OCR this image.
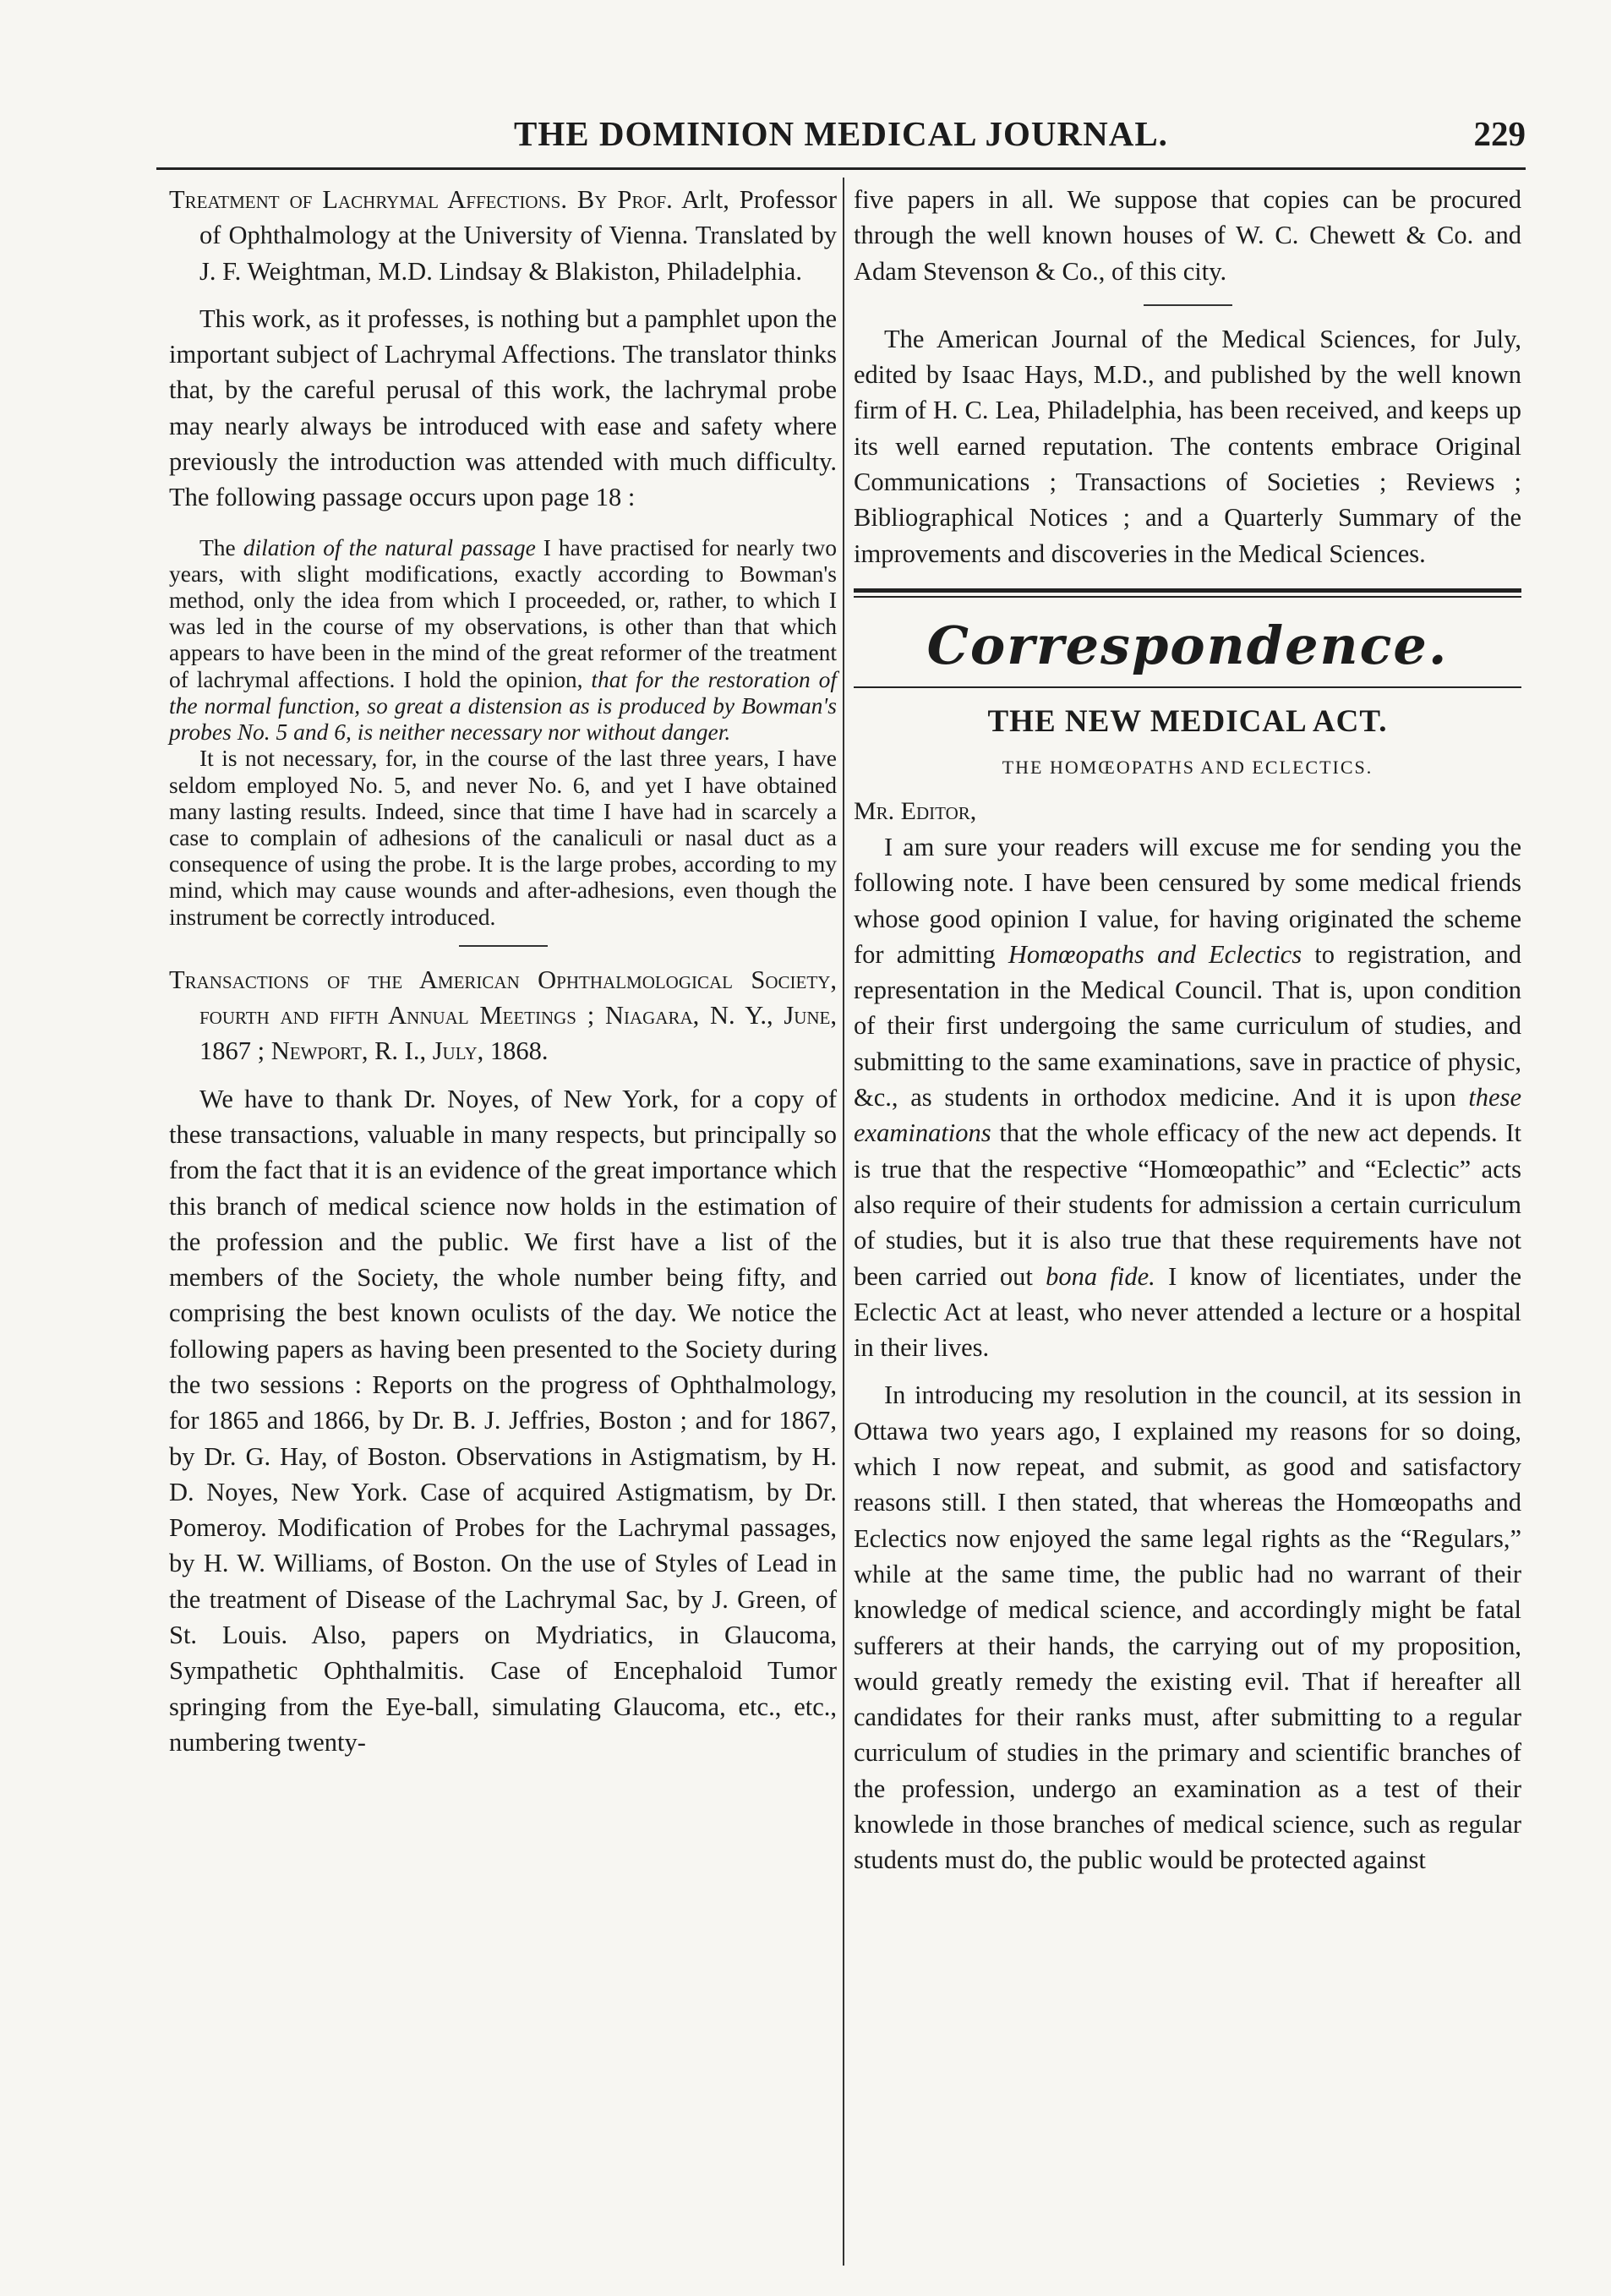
THE DOMINION MEDICAL JOURNAL.	229

Treatment of Lachrymal Affections. By Prof. Arlt, Professor of Ophthalmology at the University of Vienna. Translated by J. F. Weightman, M.D. Lindsay & Blakiston, Philadelphia.

This work, as it professes, is nothing but a pamphlet upon the important subject of Lachrymal Affections. The translator thinks that, by the careful perusal of this work, the lachrymal probe may nearly always be introduced with ease and safety where previously the introduction was attended with much difficulty. The following passage occurs upon page 18 :

The dilation of the natural passage I have practised for nearly two years, with slight modifications, exactly according to Bowman's method, only the idea from which I proceeded, or, rather, to which I was led in the course of my observations, is other than that which appears to have been in the mind of the great reformer of the treatment of lachrymal affections. I hold the opinion, that for the restoration of the normal function, so great a distension as is produced by Bowman's probes No. 5 and 6, is neither necessary nor without danger.

It is not necessary, for, in the course of the last three years, I have seldom employed No. 5, and never No. 6, and yet I have obtained many lasting results. Indeed, since that time I have had in scarcely a case to complain of adhesions of the canaliculi or nasal duct as a consequence of using the probe. It is the large probes, according to my mind, which may cause wounds and after-adhesions, even though the instrument be correctly introduced.

Transactions of the American Ophthalmological Society, fourth and fifth Annual Meetings ; Niagara, N. Y., June, 1867 ; Newport, R. I., July, 1868.

We have to thank Dr. Noyes, of New York, for a copy of these transactions, valuable in many respects, but principally so from the fact that it is an evidence of the great importance which this branch of medical science now holds in the estimation of the profession and the public. We first have a list of the members of the Society, the whole number being fifty, and comprising the best known oculists of the day. We notice the following papers as having been presented to the Society during the two sessions : Reports on the progress of Ophthalmology, for 1865 and 1866, by Dr. B. J. Jeffries, Boston ; and for 1867, by Dr. G. Hay, of Boston. Observations in Astigmatism, by H. D. Noyes, New York. Case of acquired Astigmatism, by Dr. Pomeroy. Modification of Probes for the Lachrymal passages, by H. W. Williams, of Boston. On the use of Styles of Lead in the treatment of Disease of the Lachrymal Sac, by J. Green, of St. Louis. Also, papers on Mydriatics, in Glaucoma, Sympathetic Ophthalmitis. Case of Encephaloid Tumor springing from the Eye-ball, simulating Glaucoma, etc., etc., numbering twenty-

five papers in all. We suppose that copies can be procured through the well known houses of W. C. Chewett & Co. and Adam Stevenson & Co., of this city.

The American Journal of the Medical Sciences, for July, edited by Isaac Hays, M.D., and published by the well known firm of H. C. Lea, Philadelphia, has been received, and keeps up its well earned reputation. The contents embrace Original Communications ; Transactions of Societies ; Reviews ; Bibliographical Notices ; and a Quarterly Summary of the improvements and discoveries in the Medical Sciences.

Correspondence.
THE NEW MEDICAL ACT.
THE HOMŒOPATHS AND ECLECTICS.

Mr. Editor,

I am sure your readers will excuse me for sending you the following note. I have been censured by some medical friends whose good opinion I value, for having originated the scheme for admitting Homœopaths and Eclectics to registration, and representation in the Medical Council. That is, upon condition of their first undergoing the same curriculum of studies, and submitting to the same examinations, save in practice of physic, &c., as students in orthodox medicine. And it is upon these examinations that the whole efficacy of the new act depends. It is true that the respective “Homœopathic” and “Eclectic” acts also require of their students for admission a certain curriculum of studies, but it is also true that these requirements have not been carried out bona fide. I know of licentiates, under the Eclectic Act at least, who never attended a lecture or a hospital in their lives.

In introducing my resolution in the council, at its session in Ottawa two years ago, I explained my reasons for so doing, which I now repeat, and submit, as good and satisfactory reasons still. I then stated, that whereas the Homœopaths and Eclectics now enjoyed the same legal rights as the “Regulars,” while at the same time, the public had no warrant of their knowledge of medical science, and accordingly might be fatal sufferers at their hands, the carrying out of my proposition, would greatly remedy the existing evil. That if hereafter all candidates for their ranks must, after submitting to a regular curriculum of studies in the primary and scientific branches of the profession, undergo an examination as a test of their knowlede in those branches of medical science, such as regular students must do, the public would be protected against
